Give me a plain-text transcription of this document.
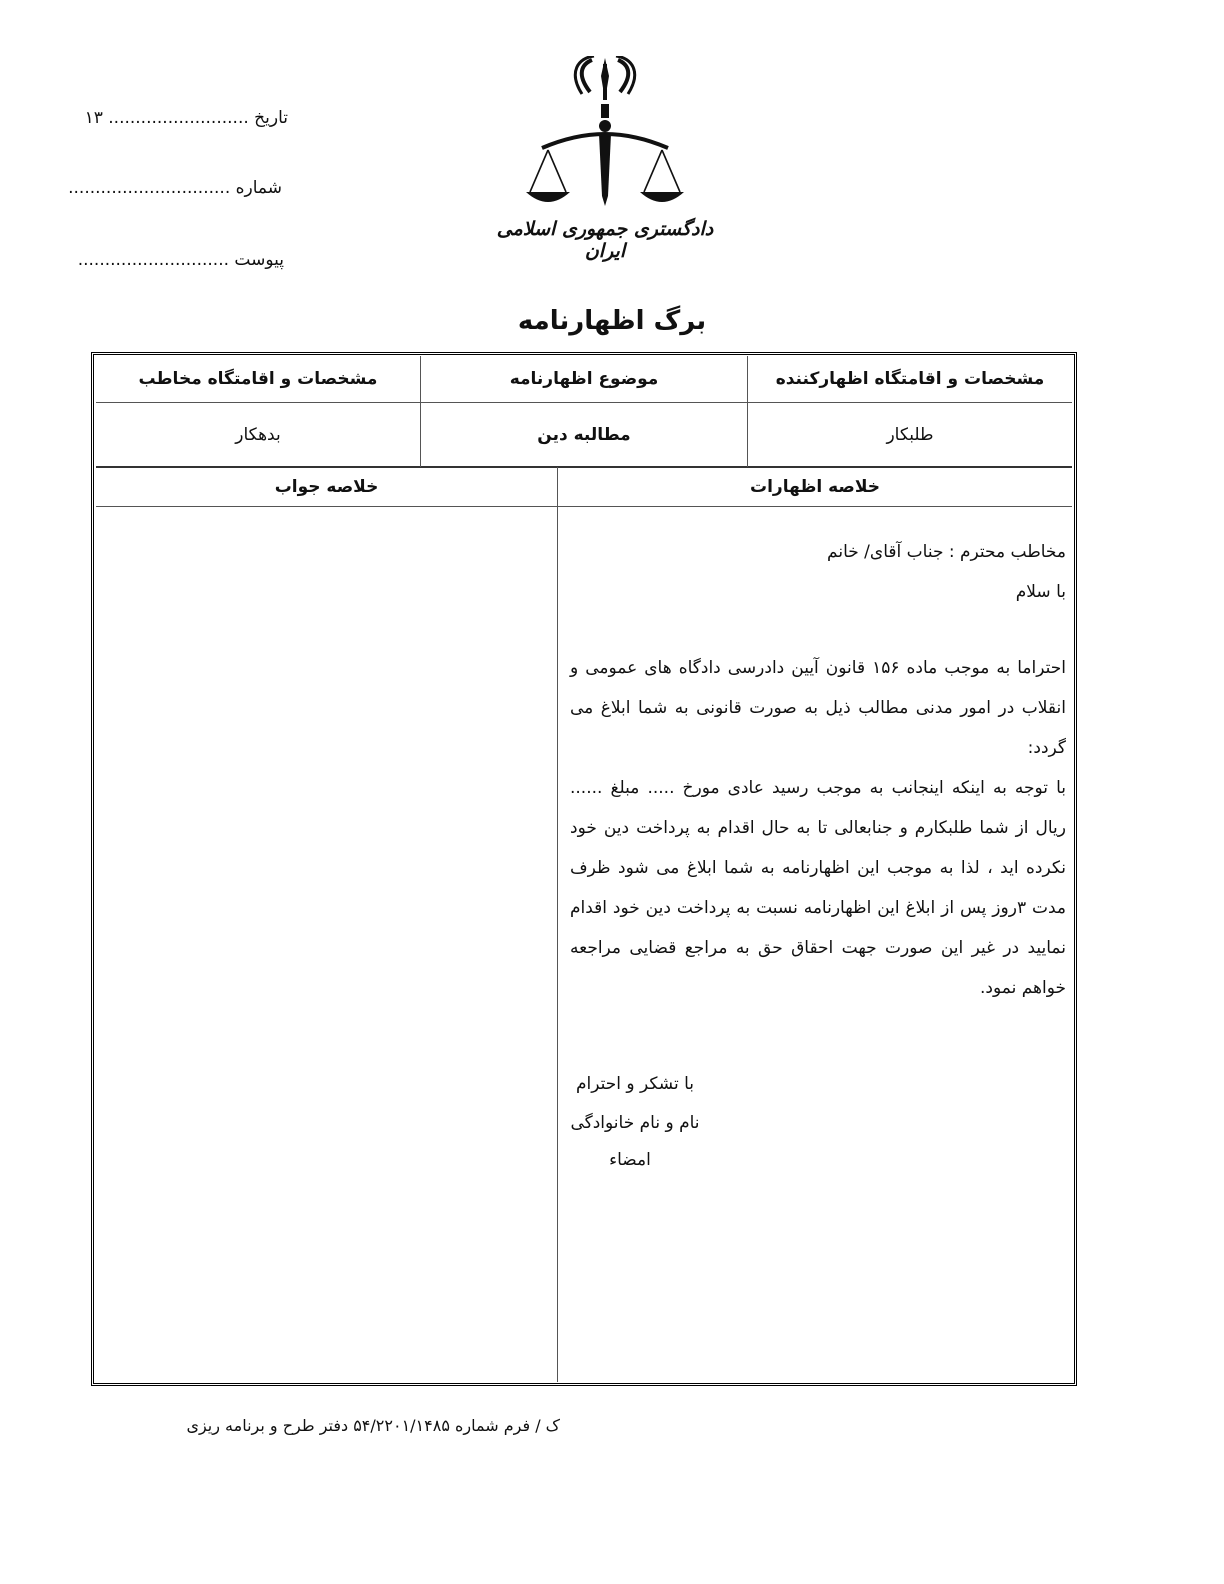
تاریخ .......................... ۱۳
شماره ..............................
پیوست ............................
دادگستری جمهوری اسلامی ایران
برگ اظهارنامه
مشخصات و اقامتگاه اظهارکننده
موضوع اظهارنامه
مشخصات و اقامتگاه مخاطب
طلبکار
مطالبه دین
بدهکار
خلاصه اظهارات
خلاصه جواب

مخاطب محترم : جناب آقای/ خانم

با سلام

احتراما به موجب ماده ۱۵۶ قانون آیین دادرسی دادگاه های عمومی و انقلاب در امور مدنی مطالب ذیل به صورت قانونی به شما ابلاغ می گردد:

با توجه به اینکه اینجانب به موجب رسید عادی مورخ ..... مبلغ ...... ریال از شما طلبکارم و جنابعالی تا به حال اقدام به پرداخت دین خود نکرده اید ، لذا به موجب این اظهارنامه به شما ابلاغ می شود ظرف مدت ۳روز پس از ابلاغ این اظهارنامه نسبت به پرداخت دین خود اقدام نمایید در غیر این صورت جهت احقاق حق به مراجع قضایی مراجعه خواهم نمود.

با تشکر و احترام
نام و نام خانوادگی
امضاء
ک / فرم شماره ۵۴/۲۲۰۱/۱۴۸۵ دفتر طرح و برنامه ریزی
